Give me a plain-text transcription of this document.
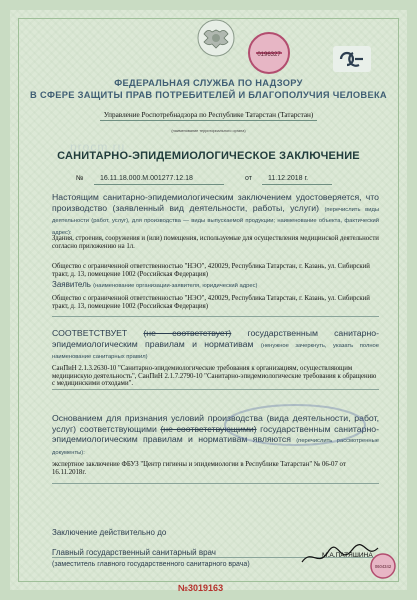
0196327
ФЕДЕРАЛЬНАЯ СЛУЖБА ПО НАДЗОРУ
В СФЕРЕ ЗАЩИТЫ ПРАВ ПОТРЕБИТЕЛЕЙ И БЛАГОПОЛУЧИЯ ЧЕЛОВЕКА
Управление Роспотребнадзора по Республике Татарстан (Татарстан)
(наименование территориального органа)
procm.ru
САНИТАРНО-ЭПИДЕМИОЛОГИЧЕСКОЕ ЗАКЛЮЧЕНИЕ
№ 16.11.18.000.М.001277.12.18	от 11.12.2018 г.
Настоящим санитарно-эпидемиологическим заключением удостоверяется, что производство (заявленный вид деятельности, работы, услуги) (перечислить виды деятельности (работ, услуг), для производства — виды выпускаемой продукции; наименование объекта, фактический адрес):
Здания, строения, сооружения и (или) помещения, используемые для осуществления медицинской деятельности согласно приложению на 1л.
Общество с ограниченной ответственностью "НЭО", 420029, Республика Татарстан, г. Казань, ул. Сибирский тракт, д. 13, помещение 1002 (Российская Федерация)
Заявитель (наименование организации-заявителя, юридический адрес)
Общество с ограниченной ответственностью "НЭО", 420029, Республика Татарстан, г. Казань, ул. Сибирский тракт, д. 13, помещение 1002 (Российская Федерация)
СООТВЕТСТВУЕТ (не соответствует) государственным санитарно-эпидемиологическим правилам и нормативам (ненужное зачеркнуть, указать полное наименование санитарных правил)
СанПиН 2.1.3.2630-10 "Санитарно-эпидемиологические требования к организациям, осуществляющим медицинскую деятельность", СанПиН 2.1.7.2790-10 "Санитарно-эпидемиологические требования к обращению с медицинскими отходами".
Основанием для признания условий производства (вида деятельности, работ, услуг) соответствующими (не соответствующими) государственным санитарно-эпидемиологическим правилам и нормативам являются (перечислить рассмотренные документы):
экспертное заключение ФБУЗ "Центр гигиены и эпидемиологии в Республике Татарстан" № 06-07 от 16.11.2018г.
Заключение действительно до
Главный государственный санитарный врач
(заместитель главного государственного санитарного врача)
М.А.ПАТЯШИНА
№3019163
0604342
